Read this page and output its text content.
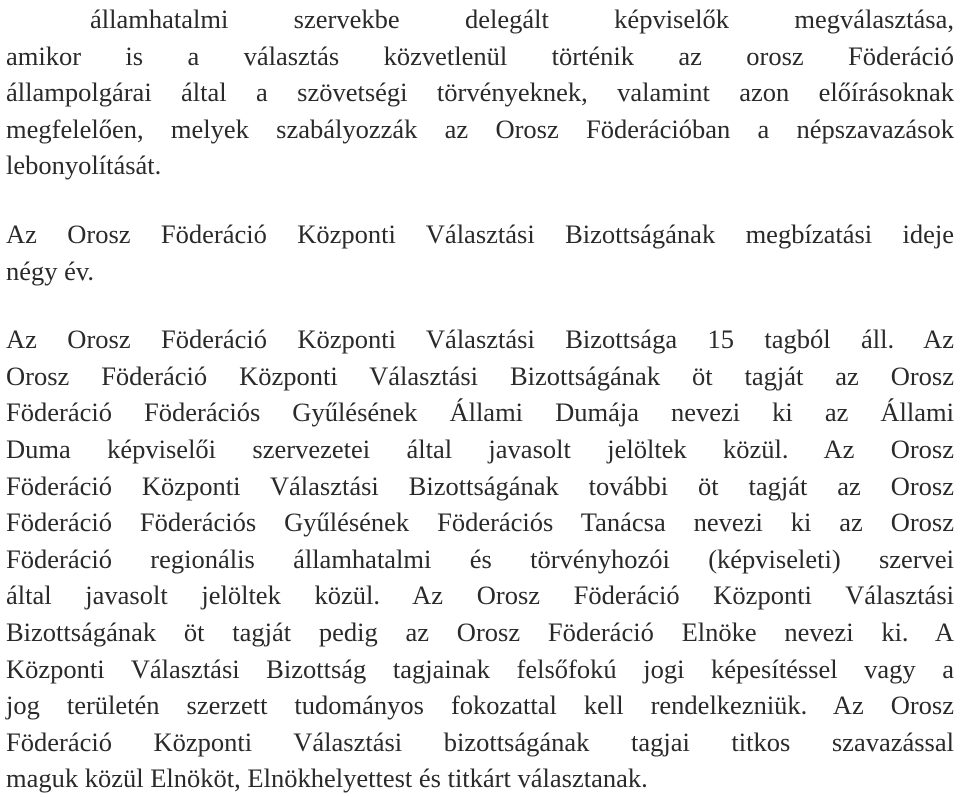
államhatalmi szervekbe delegált képviselők megválasztása,
amikor is a választás közvetlenül történik az orosz Föderáció
állampolgárai által a szövetségi törvényeknek, valamint azon előírásoknak
megfelelően, melyek szabályozzák az Orosz Föderációban a népszavazások
lebonyolítását.
Az Orosz Föderáció Központi Választási Bizottságának megbízatási ideje
négy év.
Az Orosz Föderáció Központi Választási Bizottsága 15 tagból áll. Az
Orosz Föderáció Központi Választási Bizottságának öt tagját az Orosz
Föderáció Föderációs Gyűlésének Állami Dumája nevezi ki az Állami
Duma képviselői szervezetei által javasolt jelöltek közül. Az Orosz
Föderáció Központi Választási Bizottságának további öt tagját az Orosz
Föderáció Föderációs Gyűlésének Föderációs Tanácsa nevezi ki az Orosz
Föderáció regionális államhatalmi és törvényhozói (képviseleti) szervei
által javasolt jelöltek közül. Az Orosz Föderáció Központi Választási
Bizottságának öt tagját pedig az Orosz Föderáció Elnöke nevezi ki. A
Központi Választási Bizottság tagjainak felsőfokú jogi képesítéssel vagy a
jog területén szerzett tudományos fokozattal kell rendelkezniük. Az Orosz
Föderáció Központi Választási bizottságának tagjai titkos szavazással
maguk közül Elnököt, Elnökhelyettest és titkárt választanak.
